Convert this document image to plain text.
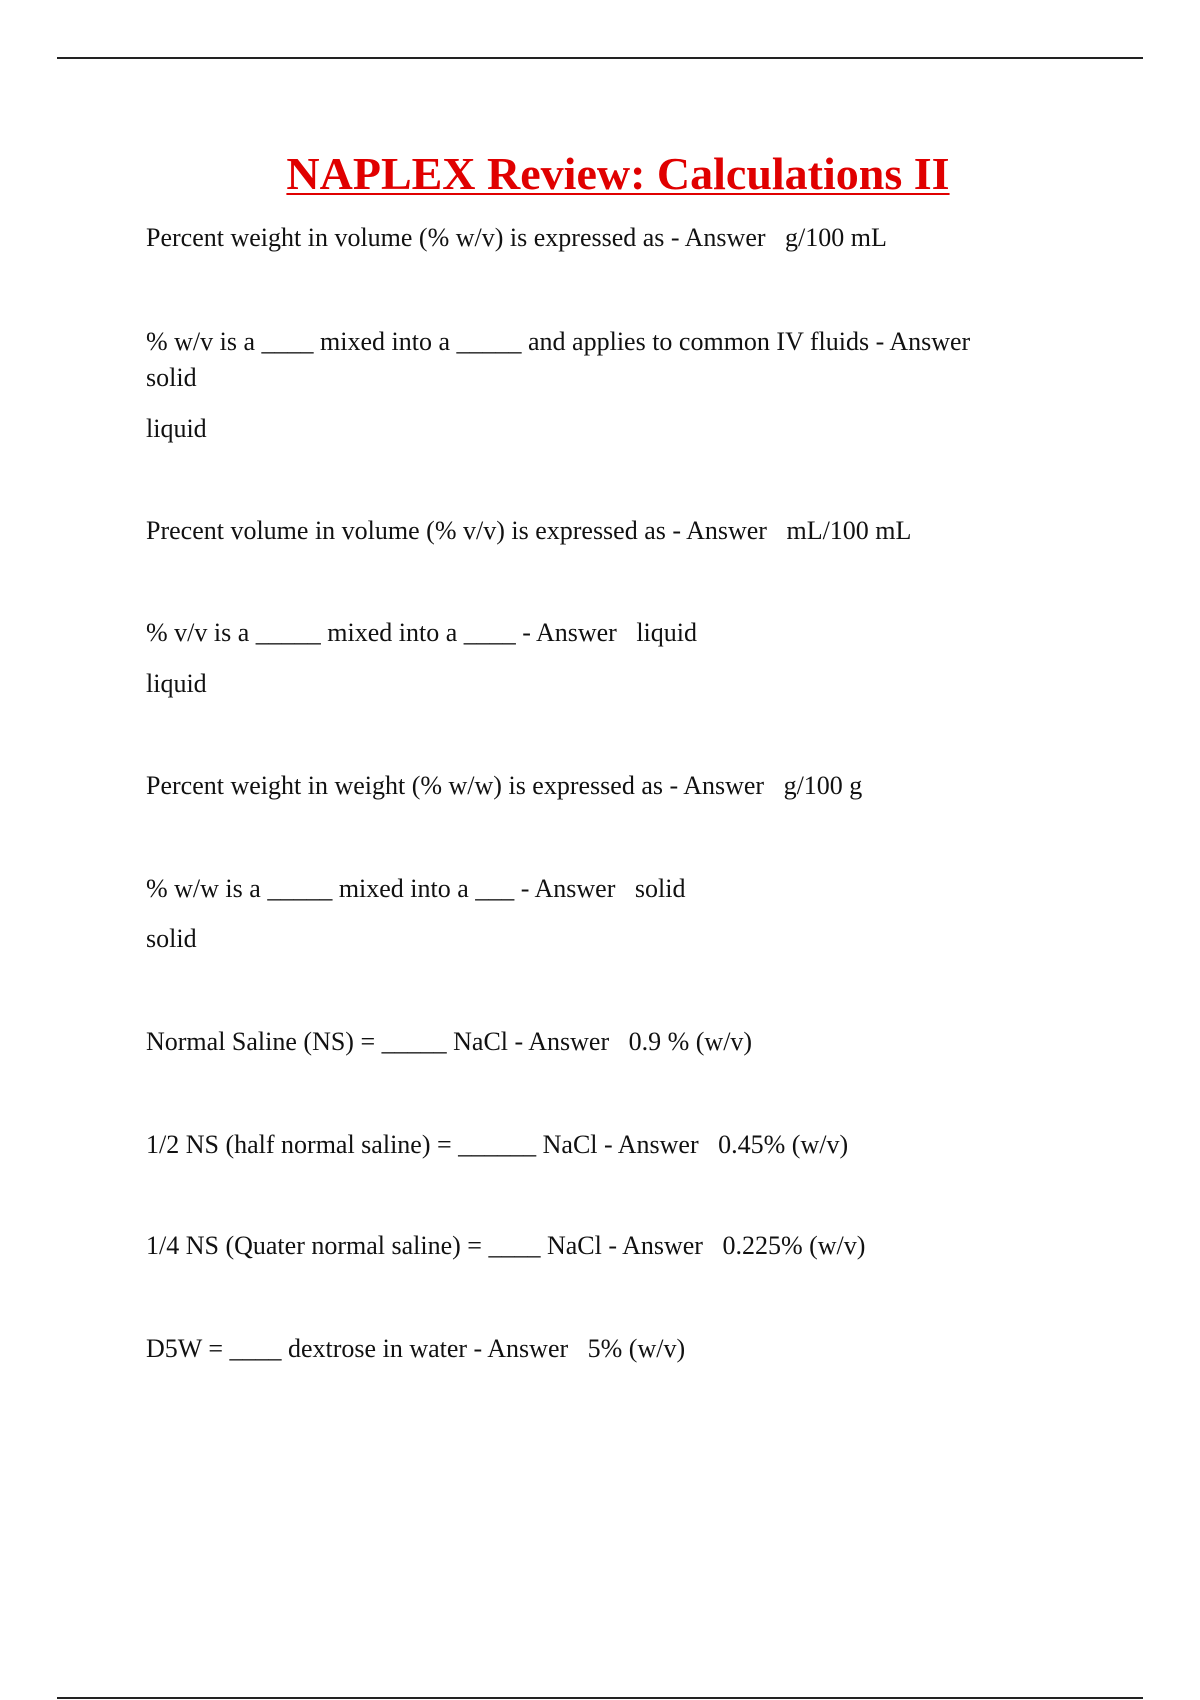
NAPLEX Review: Calculations II
Percent weight in volume (% w/v) is expressed as - Answer   g/100 mL
% w/v is a ____ mixed into a _____ and applies to common IV fluids - Answer
solid
liquid
Precent volume in volume (% v/v) is expressed as - Answer   mL/100 mL
% v/v is a _____ mixed into a ____ - Answer   liquid
liquid
Percent weight in weight (% w/w) is expressed as - Answer   g/100 g
% w/w is a _____ mixed into a ___ - Answer   solid
solid
Normal Saline (NS) = _____ NaCl - Answer   0.9 % (w/v)
1/2 NS (half normal saline) = ______ NaCl - Answer   0.45% (w/v)
1/4 NS (Quater normal saline) = ____ NaCl - Answer   0.225% (w/v)
D5W = ____ dextrose in water - Answer   5% (w/v)
